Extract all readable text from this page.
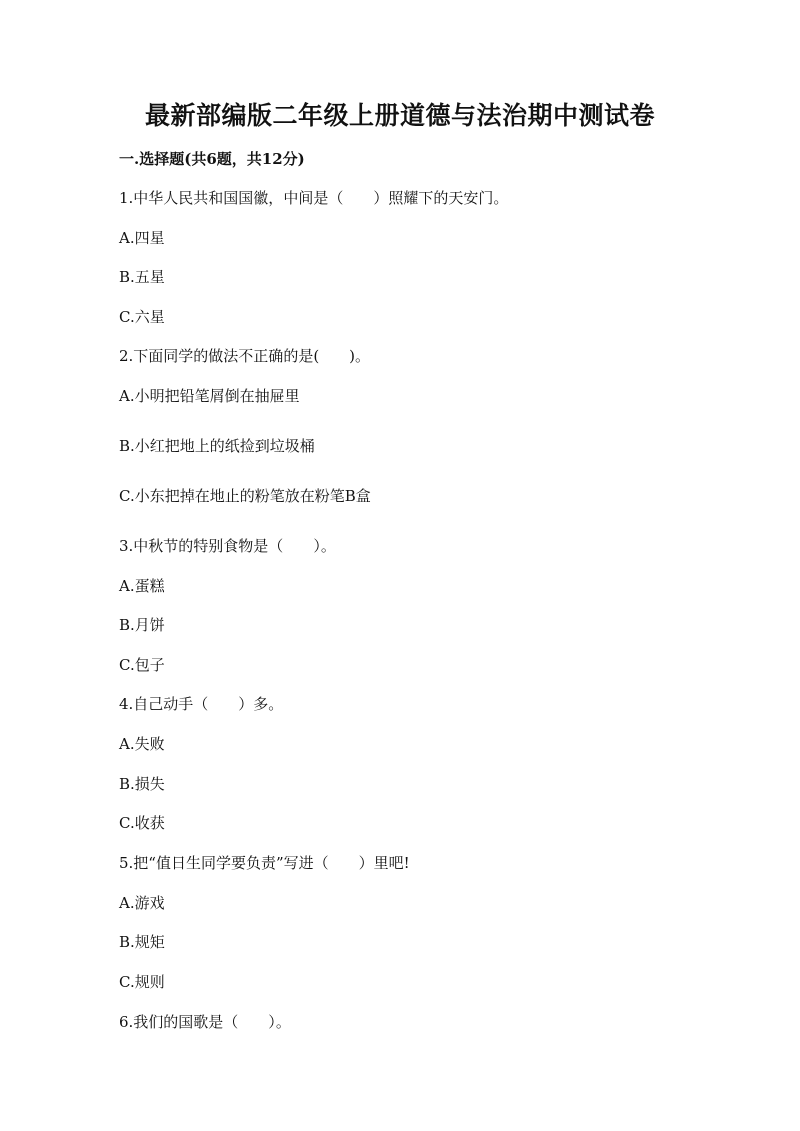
最新部编版二年级上册道德与法治期中测试卷
一.选择题(共6题，共12分)
1.中华人民共和国国徽，中间是（　　）照耀下的天安门。
A.四星
B.五星
C.六星
2.下面同学的做法不正确的是(　　)。
A.小明把铅笔屑倒在抽屉里
B.小红把地上的纸捡到垃圾桶
C.小东把掉在地止的粉笔放在粉笔B盒
3.中秋节的特别食物是（　　）。
A.蛋糕
B.月饼
C.包子
4.自己动手（　　）多。
A.失败
B.损失
C.收获
5.把“值日生同学要负责”写进（　　）里吧!
A.游戏
B.规矩
C.规则
6.我们的国歌是（　　）。
